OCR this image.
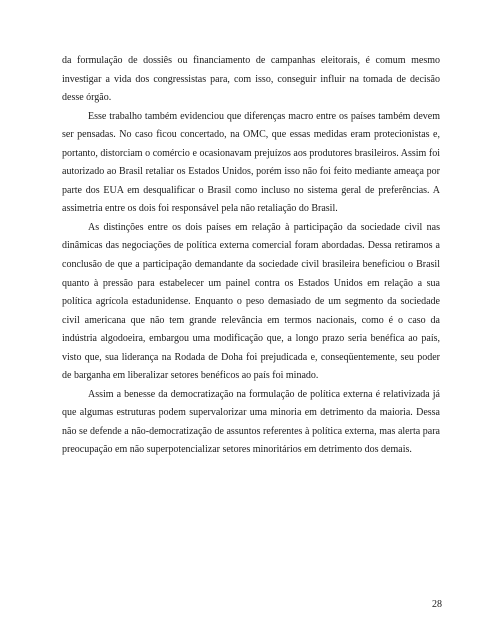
da formulação de dossiês ou financiamento de campanhas eleitorais, é comum mesmo investigar a vida dos congressistas para, com isso, conseguir influir na tomada de decisão desse órgão.

Esse trabalho também evidenciou que diferenças macro entre os países também devem ser pensadas. No caso ficou concertado, na OMC, que essas medidas eram protecionistas e, portanto, distorciam o comércio e ocasionavam prejuízos aos produtores brasileiros. Assim foi autorizado ao Brasil retaliar os Estados Unidos, porém isso não foi feito mediante ameaça por parte dos EUA em desqualificar o Brasil como incluso no sistema geral de preferências. A assimetria entre os dois foi responsável pela não retaliação do Brasil.

As distinções entre os dois países em relação à participação da sociedade civil nas dinâmicas das negociações de política externa comercial foram abordadas. Dessa retiramos a conclusão de que a participação demandante da sociedade civil brasileira beneficiou o Brasil quanto à pressão para estabelecer um painel contra os Estados Unidos em relação a sua política agrícola estadunidense. Enquanto o peso demasiado de um segmento da sociedade civil americana que não tem grande relevância em termos nacionais, como é o caso da indústria algodoeira, embargou uma modificação que, a longo prazo seria benéfica ao país, visto que, sua liderança na Rodada de Doha foi prejudicada e, conseqüentemente, seu poder de barganha em liberalizar setores benéficos ao país foi minado.

Assim a benesse da democratização na formulação de política externa é relativizada já que algumas estruturas podem supervalorizar uma minoria em detrimento da maioria. Dessa não se defende a não-democratização de assuntos referentes à política externa, mas alerta para preocupação em não superpotencializar setores minoritários em detrimento dos demais.

28
